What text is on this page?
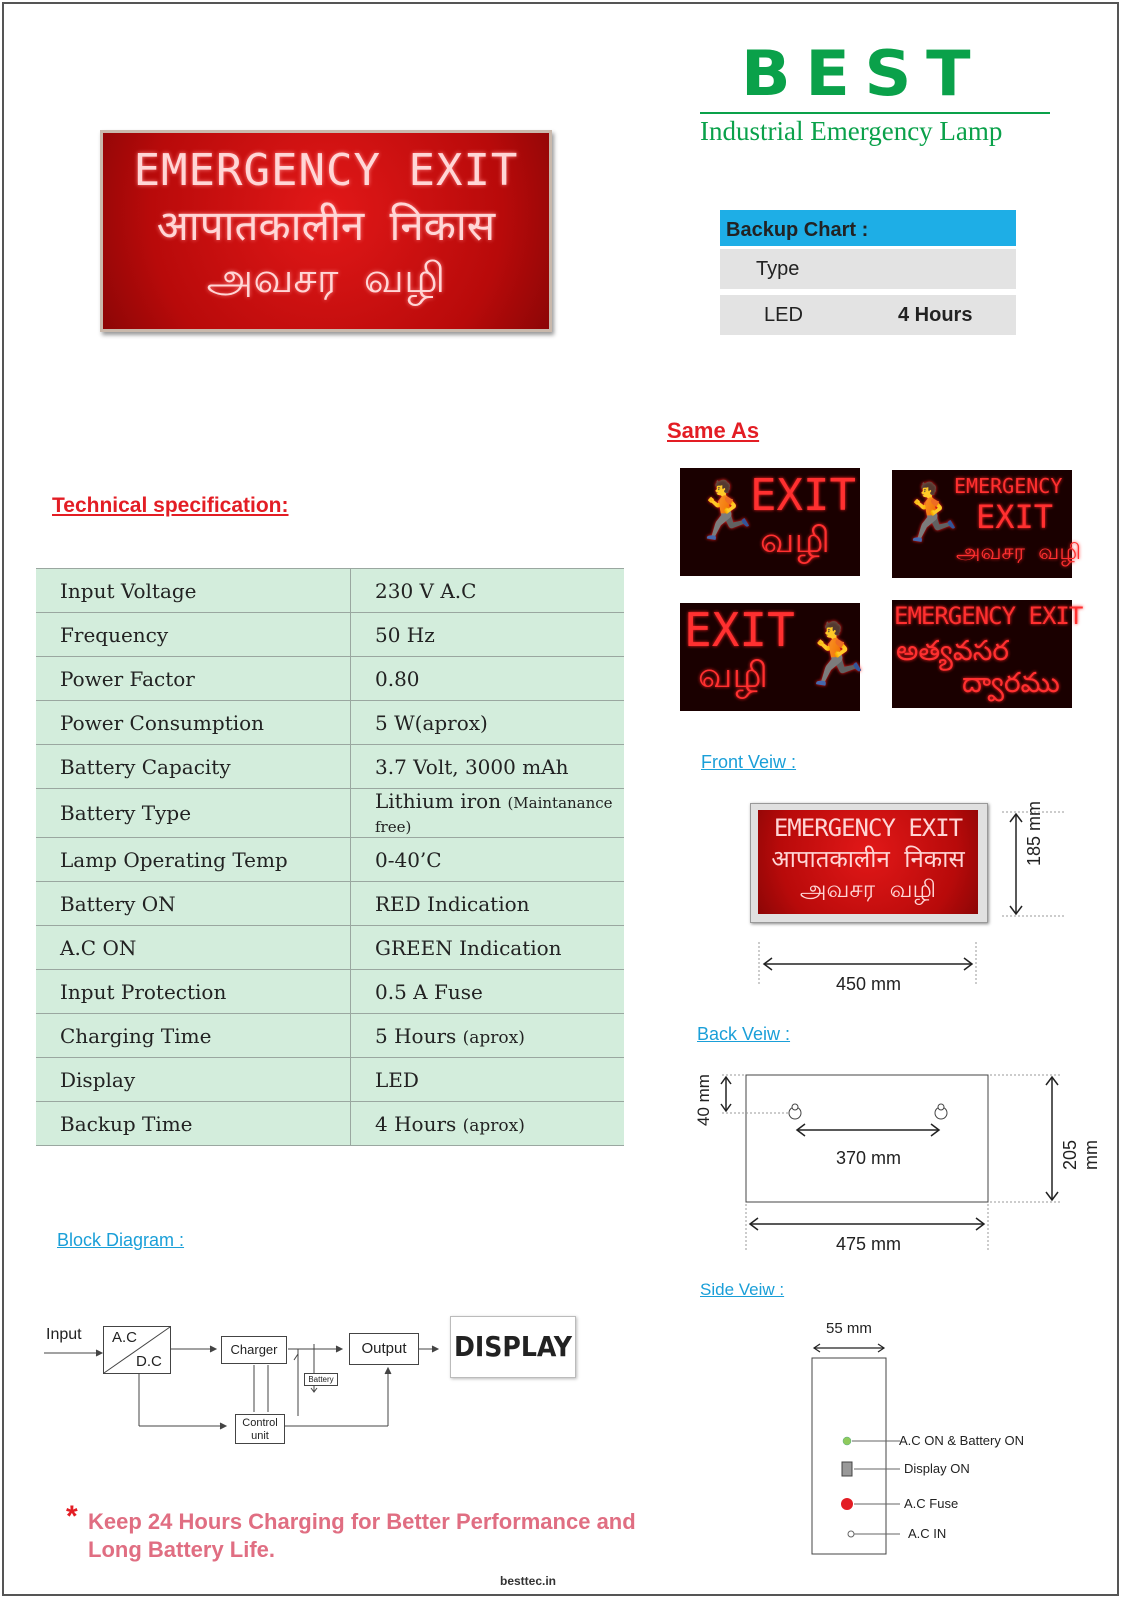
BEST
Industrial Emergency Lamp
EMERGENCY EXIT
आपातकालीन निकास
அவசர வழி
Backup Chart :
Type
LED	4 Hours
Same As
🏃
EXIT
வழி 🏃
EMERGENCY
EXIT
அவசர வழி
EXIT
வழி 🏃
EMERGENCY EXIT
అత్యవసర
ద్వారము
Technical specification:
Input Voltage	230 V A.C
Frequency	50 Hz
Power Factor	0.80
Power Consumption	5 W(aprox)
Battery Capacity	3.7 Volt, 3000 mAh
Battery Type	Lithium iron (Maintanance free)
Lamp Operating Temp	0-40’C
Battery ON	RED Indication
A.C ON	GREEN Indication
Input Protection	0.5 A Fuse
Charging Time	5 Hours (aprox)
Display	LED
Backup Time	4 Hours (aprox)
Front Veiw :
EMERGENCY EXIT
आपातकालीन निकास
அவசர வழி
185 mm
450 mm
Back Veiw :
40 mm
370 mm	205 mm
475 mm
Side Veiw :
55 mm
A.C ON & Battery ON
Display ON
A.C Fuse
A.C IN
Block Diagram :
Input A.C
D.C
Charger
Battery
Output
Control
unit
DISPLAY
* Keep 24 Hours Charging for Better Performance and
Long Battery Life.
besttec.in
